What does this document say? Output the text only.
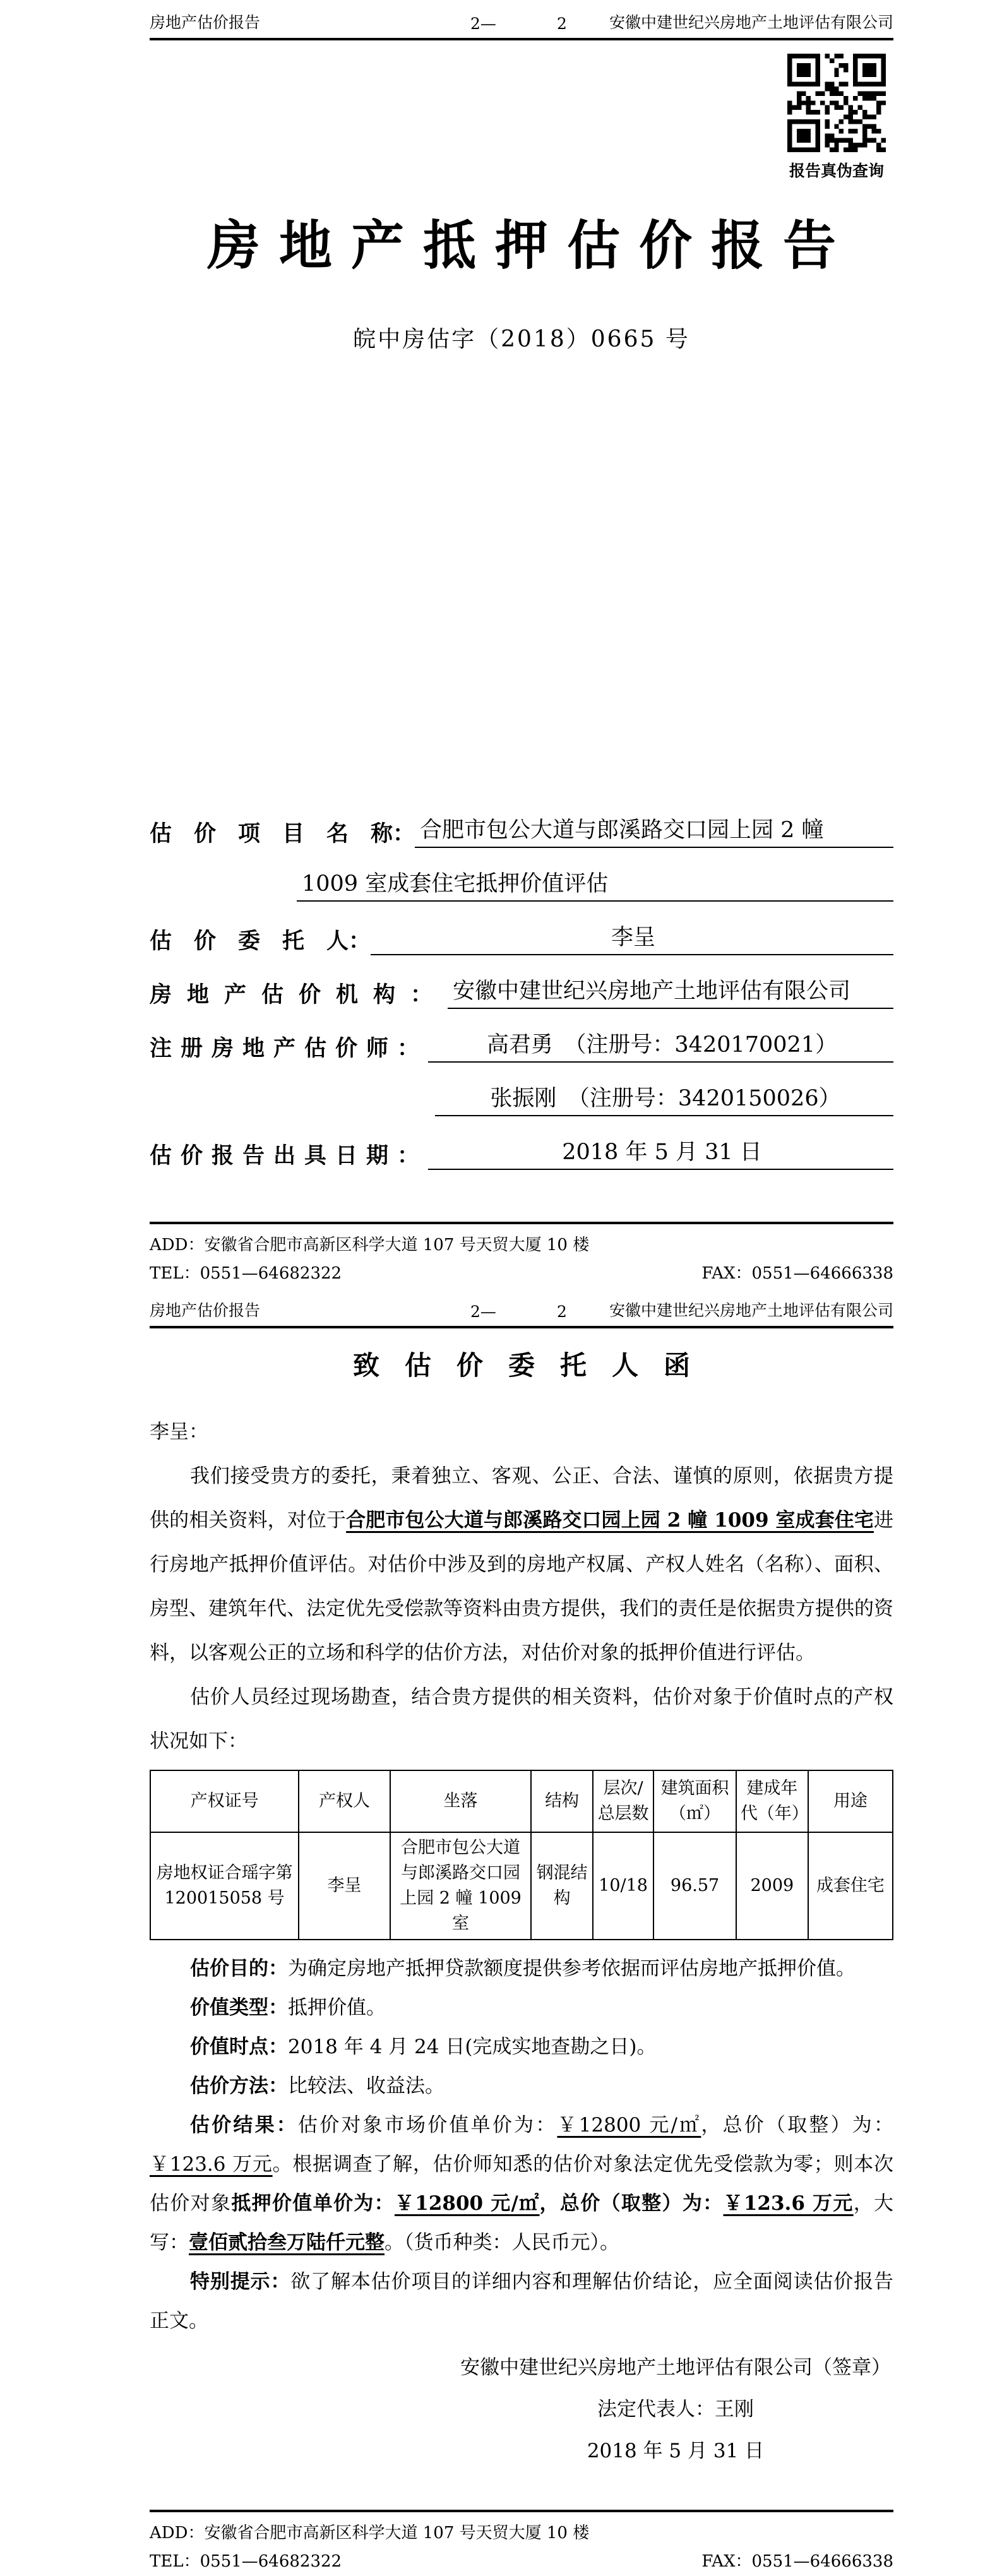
房地产估价报告	2—	2	安徽中建世纪兴房地产土地评估有限公司
房地产抵押估价报告
皖中房估字（2018）0665 号
估　价　项　目　名　称： 合肥市包公大道与郎溪路交口园上园 2 幢
1009 室成套住宅抵押价值评估
估　价　委　托　人：	李呈
房地产估价机构： 安徽中建世纪兴房地产土地评估有限公司
注册房地产估价师：	高君勇　（注册号：3420170021）
张振刚　（注册号：3420150026）
估价报告出具日期：	2018 年 5 月 31 日
报告真伪查询
ADD：安徽省合肥市高新区科学大道 107 号天贸大厦 10 楼
TEL：0551—64682322	FAX：0551—64666338
房地产估价报告	2—	2	安徽中建世纪兴房地产土地评估有限公司
致估价委托人函
李呈：

我们接受贵方的委托，秉着独立、客观、公正、合法、谨慎的原则，依据贵方提供的相关资料，对位于合肥市包公大道与郎溪路交口园上园 2 幢 1009 室成套住宅进行房地产抵押价值评估。对估价中涉及到的房地产权属、产权人姓名（名称）、面积、房型、建筑年代、法定优先受偿款等资料由贵方提供，我们的责任是依据贵方提供的资料，以客观公正的立场和科学的估价方法，对估价对象的抵押价值进行评估。

估价人员经过现场勘查，结合贵方提供的相关资料，估价对象于价值时点的产权状况如下：

产权证号	产权人	坐落	结构	层次/总层数	建筑面积（㎡）	建成年代（年）	用途
房地权证合瑶字第 120015058 号	李呈	合肥市包公大道与郎溪路交口园上园 2 幢 1009 室	钢混结构	10/18	96.57	2009	成套住宅

估价目的：为确定房地产抵押贷款额度提供参考依据而评估房地产抵押价值。

价值类型：抵押价值。

价值时点：2018 年 4 月 24 日(完成实地查勘之日)。

估价方法：比较法、收益法。

估价结果：估价对象市场价值单价为：￥12800 元/㎡，总价（取整）为：￥123.6 万元。根据调查了解，估价师知悉的估价对象法定优先受偿款为零；则本次估价对象抵押价值单价为：￥12800 元/㎡，总价（取整）为：￥123.6 万元，大写：壹佰贰拾叁万陆仟元整。（货币种类：人民币元）。

特别提示：欲了解本估价项目的详细内容和理解估价结论，应全面阅读估价报告正文。

安徽中建世纪兴房地产土地评估有限公司（签章）
法定代表人：王刚
2018 年 5 月 31 日
ADD：安徽省合肥市高新区科学大道 107 号天贸大厦 10 楼
TEL：0551—64682322	FAX：0551—64666338
